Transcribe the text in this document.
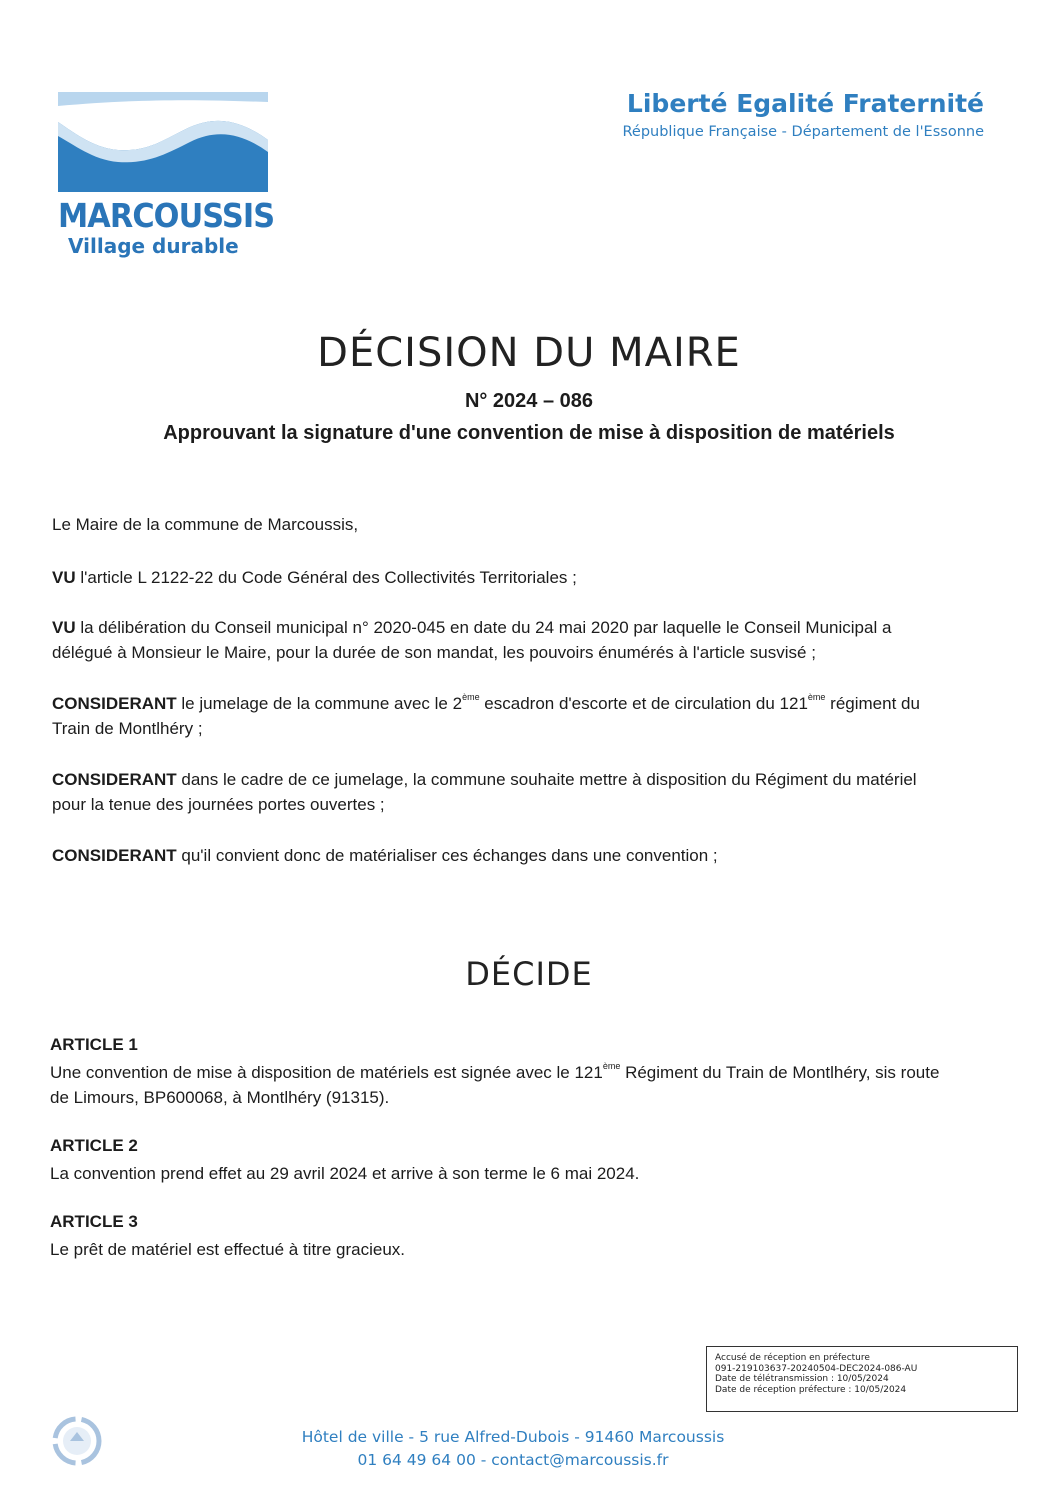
MARCOUSSIS
Village durable
Liberté Egalité Fraternité
République Française - Département de l'Essonne
DÉCISION DU MAIRE
N° 2024 – 086
Approuvant la signature d'une convention de mise à disposition de matériels
Le Maire de la commune de Marcoussis,
VU l'article L 2122-22 du Code Général des Collectivités Territoriales ;
VU la délibération du Conseil municipal n° 2020-045 en date du 24 mai 2020 par laquelle le Conseil Municipal a délégué à Monsieur le Maire, pour la durée de son mandat, les pouvoirs énumérés à l'article susvisé ;
CONSIDERANT le jumelage de la commune avec le 2ème escadron d'escorte et de circulation du 121ème régiment du Train de Montlhéry ;
CONSIDERANT dans le cadre de ce jumelage, la commune souhaite mettre à disposition du Régiment du matériel pour la tenue des journées portes ouvertes ;
CONSIDERANT qu'il convient donc de matérialiser ces échanges dans une convention ;
DÉCIDE
ARTICLE 1
Une convention de mise à disposition de matériels est signée avec le 121ème Régiment du Train de Montlhéry, sis route de Limours, BP600068, à Montlhéry (91315).
ARTICLE 2
La convention prend effet au 29 avril 2024 et arrive à son terme le 6 mai 2024.
ARTICLE 3
Le prêt de matériel est effectué à titre gracieux.
Accusé de réception en préfecture
091-219103637-20240504-DEC2024-086-AU
Date de télétransmission : 10/05/2024
Date de réception préfecture : 10/05/2024
Hôtel de ville - 5 rue Alfred-Dubois - 91460 Marcoussis
01 64 49 64 00 - contact@marcoussis.fr
